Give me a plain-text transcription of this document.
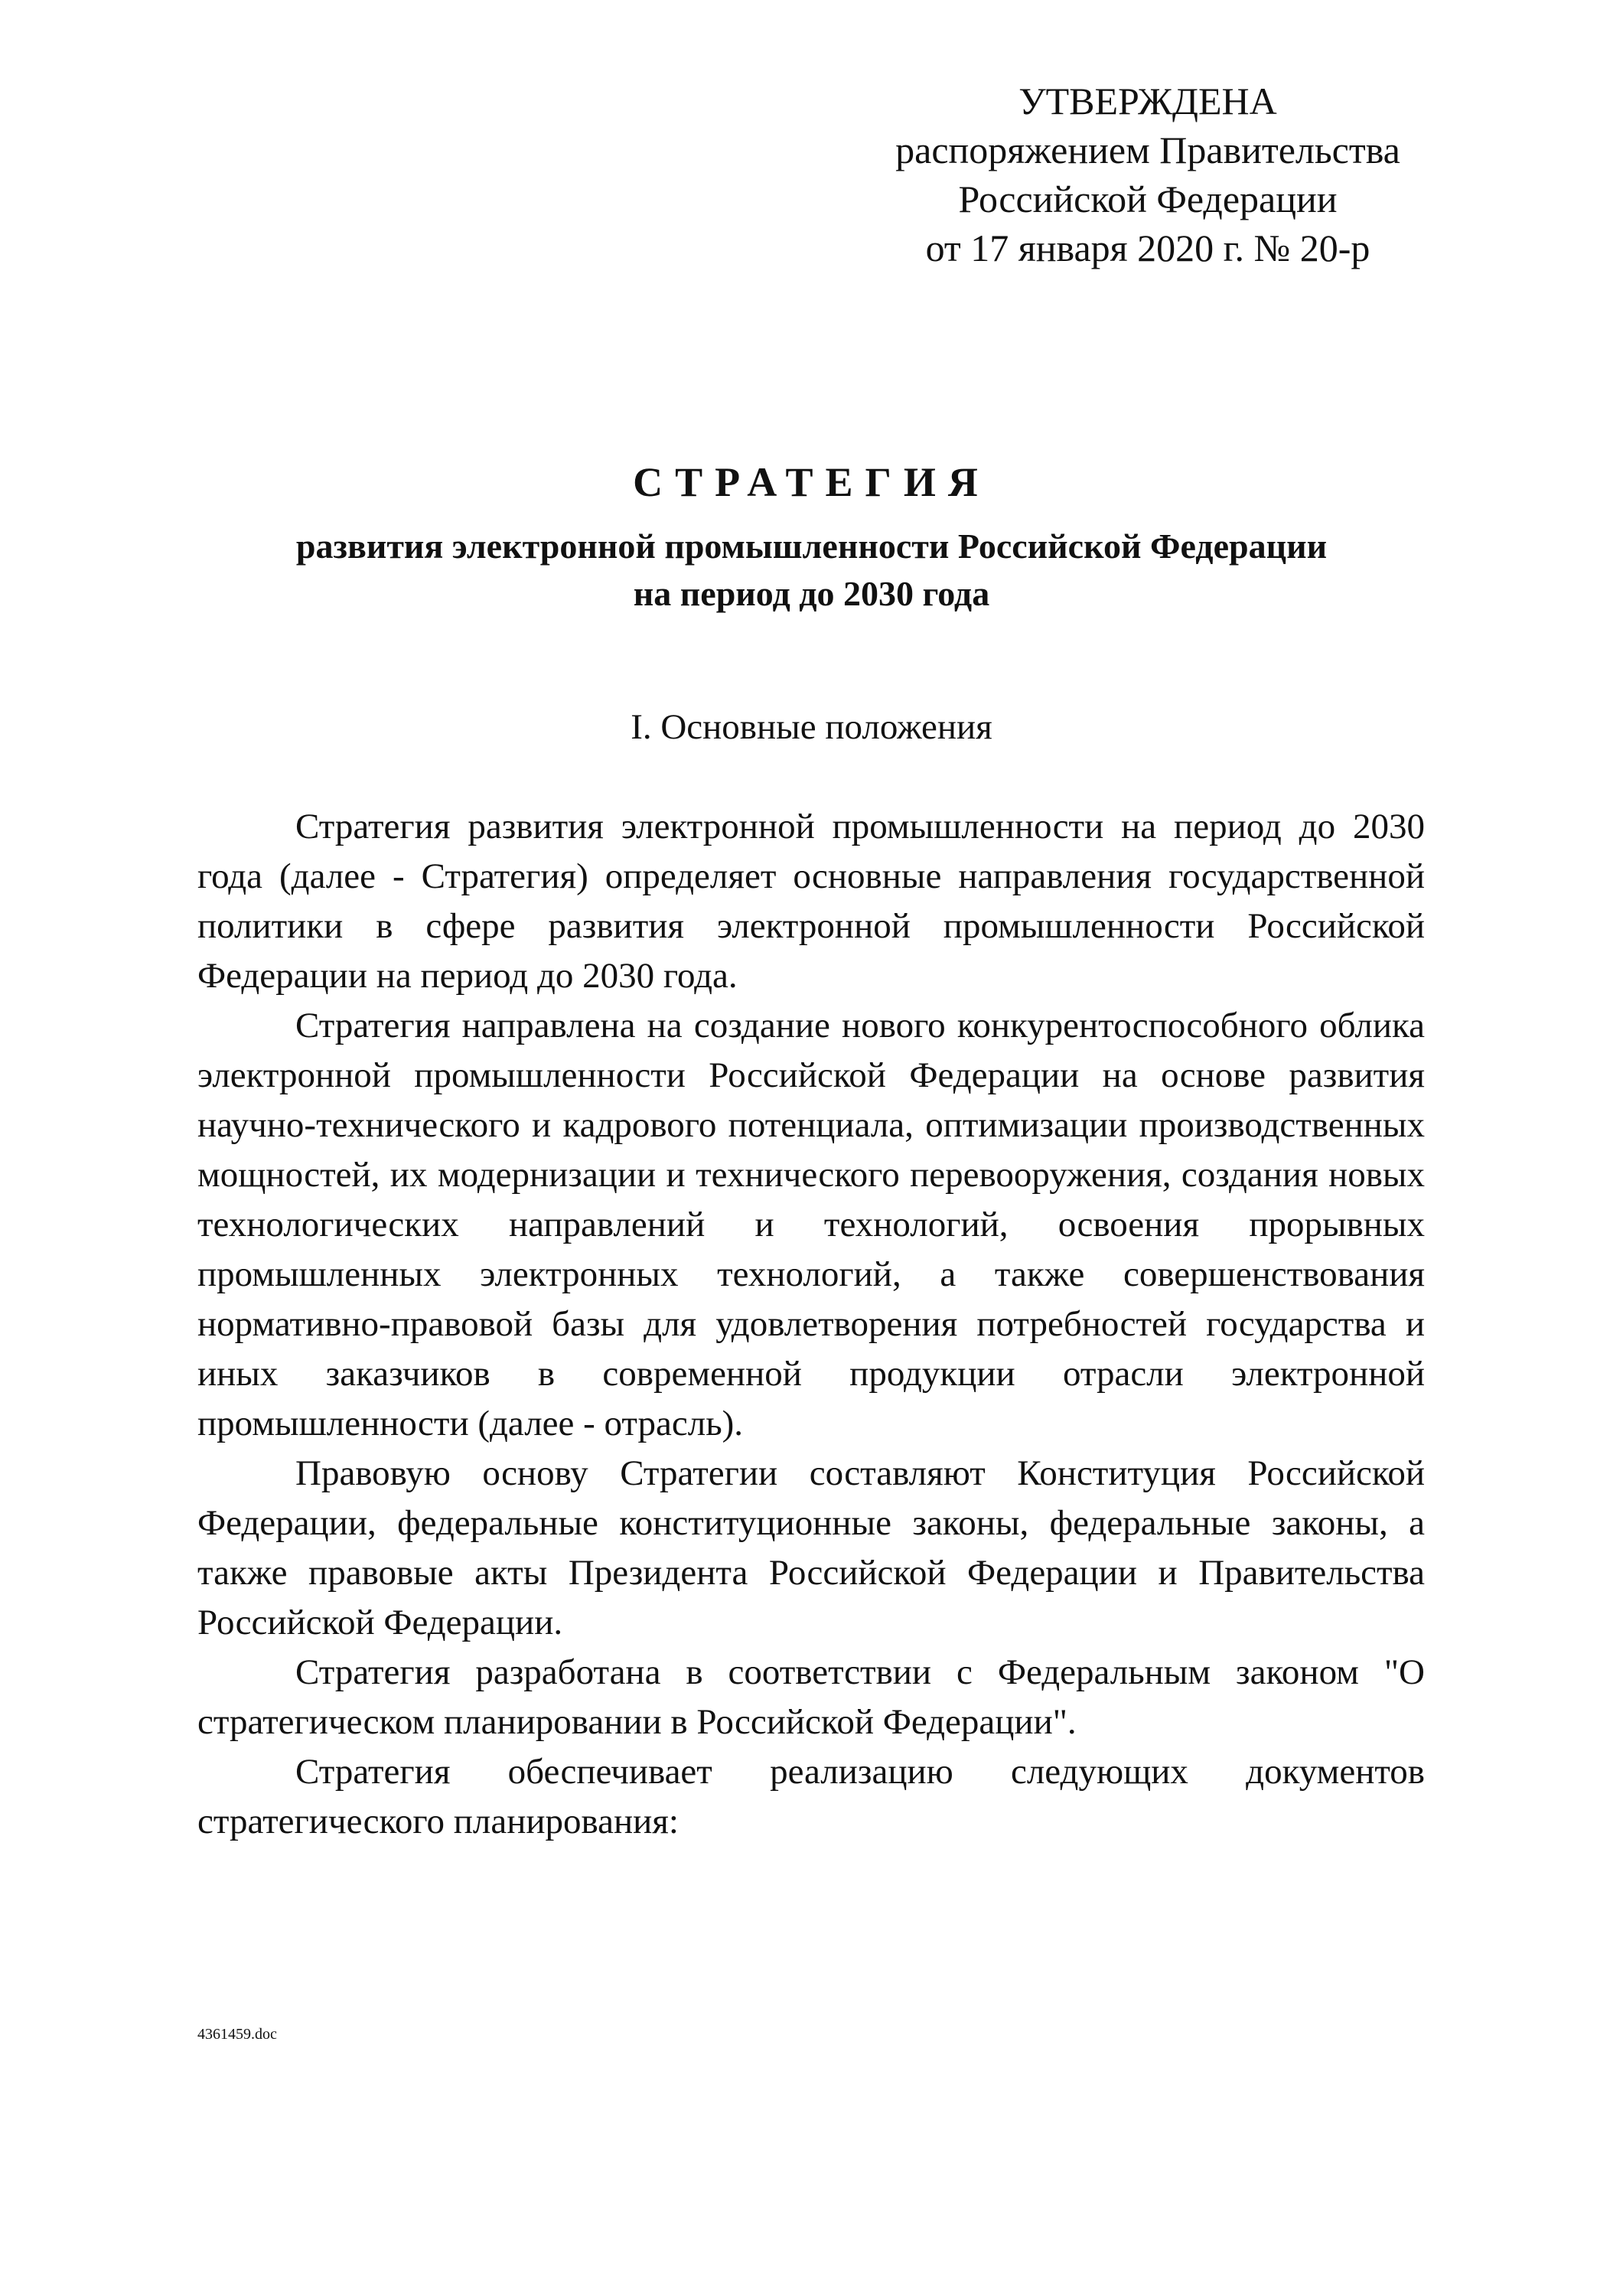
УТВЕРЖДЕНА
распоряжением Правительства
Российской Федерации
от 17 января 2020 г. № 20-р
СТРАТЕГИЯ
развития электронной промышленности Российской Федерации
на период до 2030 года
I. Основные положения

Стратегия развития электронной промышленности на период до 2030 года (далее - Стратегия) определяет основные направления государственной политики в сфере развития электронной промышленности Российской Федерации на период до 2030 года.

Стратегия направлена на создание нового конкурентоспособного облика электронной промышленности Российской Федерации на основе развития научно-технического и кадрового потенциала, оптимизации производственных мощностей, их модернизации и технического перевооружения, создания новых технологических направлений и технологий, освоения прорывных промышленных электронных технологий, а также совершенствования нормативно-правовой базы для удовлетворения потребностей государства и иных заказчиков в современной продукции отрасли электронной промышленности (далее - отрасль).

Правовую основу Стратегии составляют Конституция Российской Федерации, федеральные конституционные законы, федеральные законы, а также правовые акты Президента Российской Федерации и Правительства Российской Федерации.

Стратегия разработана в соответствии с Федеральным законом "О стратегическом планировании в Российской Федерации".

Стратегия обеспечивает реализацию следующих документов стратегического планирования:

4361459.doc
